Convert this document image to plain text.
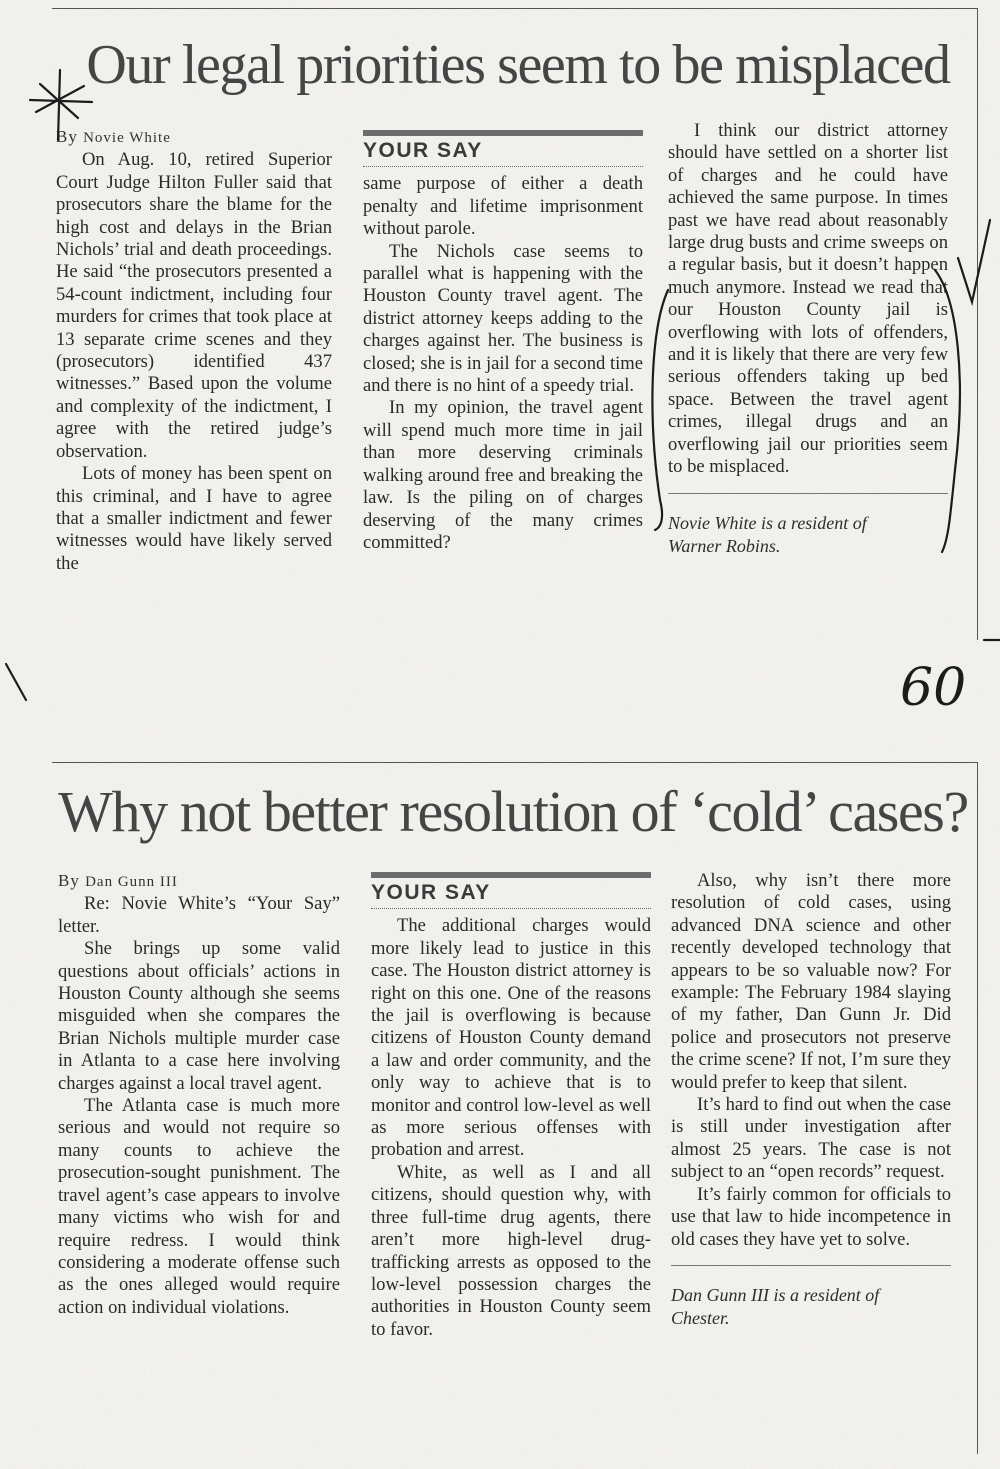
Our legal priorities seem to be misplaced

By Novie White

On Aug. 10, retired Superior Court Judge Hilton Fuller said that prosecutors share the blame for the high cost and delays in the Brian Nichols’ trial and death proceedings. He said “the prosecutors presented a 54-count indictment, including four murders for crimes that took place at 13 separate crime scenes and they (prosecutors) identified 437 witnesses.” Based upon the volume and complexity of the indictment, I agree with the retired judge’s observation.

Lots of money has been spent on this criminal, and I have to agree that a smaller indictment and fewer witnesses would have likely served the

YOUR SAY

same purpose of either a death penalty and lifetime imprisonment without parole.

The Nichols case seems to parallel what is happening with the Houston County travel agent. The district attorney keeps adding to the charges against her. The business is closed; she is in jail for a second time and there is no hint of a speedy trial.

In my opinion, the travel agent will spend much more time in jail than more deserving criminals walking around free and breaking the law. Is the piling on of charges deserving of the many crimes committed?

I think our district attorney should have settled on a shorter list of charges and he could have achieved the same purpose. In times past we have read about reasonably large drug busts and crime sweeps on a regular basis, but it doesn’t happen much anymore. Instead we read that our Houston County jail is overflowing with lots of offenders, and it is likely that there are very few serious offenders taking up bed space. Between the travel agent crimes, illegal drugs and an overflowing jail our priorities seem to be misplaced.

Novie White is a resident of

Warner Robins.

Why not better resolution of ‘cold’ cases?

By Dan Gunn III

Re: Novie White’s “Your Say” letter.

She brings up some valid questions about officials’ actions in Houston County although she seems misguided when she compares the Brian Nichols multiple murder case in Atlanta to a case here involving charges against a local travel agent.

The Atlanta case is much more serious and would not require so many counts to achieve the prosecution-sought punishment. The travel agent’s case appears to involve many victims who wish for and require redress. I would think considering a moderate offense such as the ones alleged would require action on individual violations.

YOUR SAY

The additional charges would more likely lead to justice in this case. The Houston district attorney is right on this one. One of the reasons the jail is overflowing is because citizens of Houston County demand a law and order community, and the only way to achieve that is to monitor and control low-level as well as more serious offenses with probation and arrest.

White, as well as I and all citizens, should question why, with three full-time drug agents, there aren’t more high-level drug-trafficking arrests as opposed to the low-level possession charges the authorities in Houston County seem to favor.

Also, why isn’t there more resolution of cold cases, using advanced DNA science and other recently developed technology that appears to be so valuable now? For example: The February 1984 slaying of my father, Dan Gunn Jr. Did police and prosecutors not preserve the crime scene? If not, I’m sure they would prefer to keep that silent.

It’s hard to find out when the case is still under investigation after almost 25 years. The case is not subject to an “open records” request.

It’s fairly common for officials to use that law to hide incompetence in old cases they have yet to solve.

Dan Gunn III is a resident of

Chester.

60
